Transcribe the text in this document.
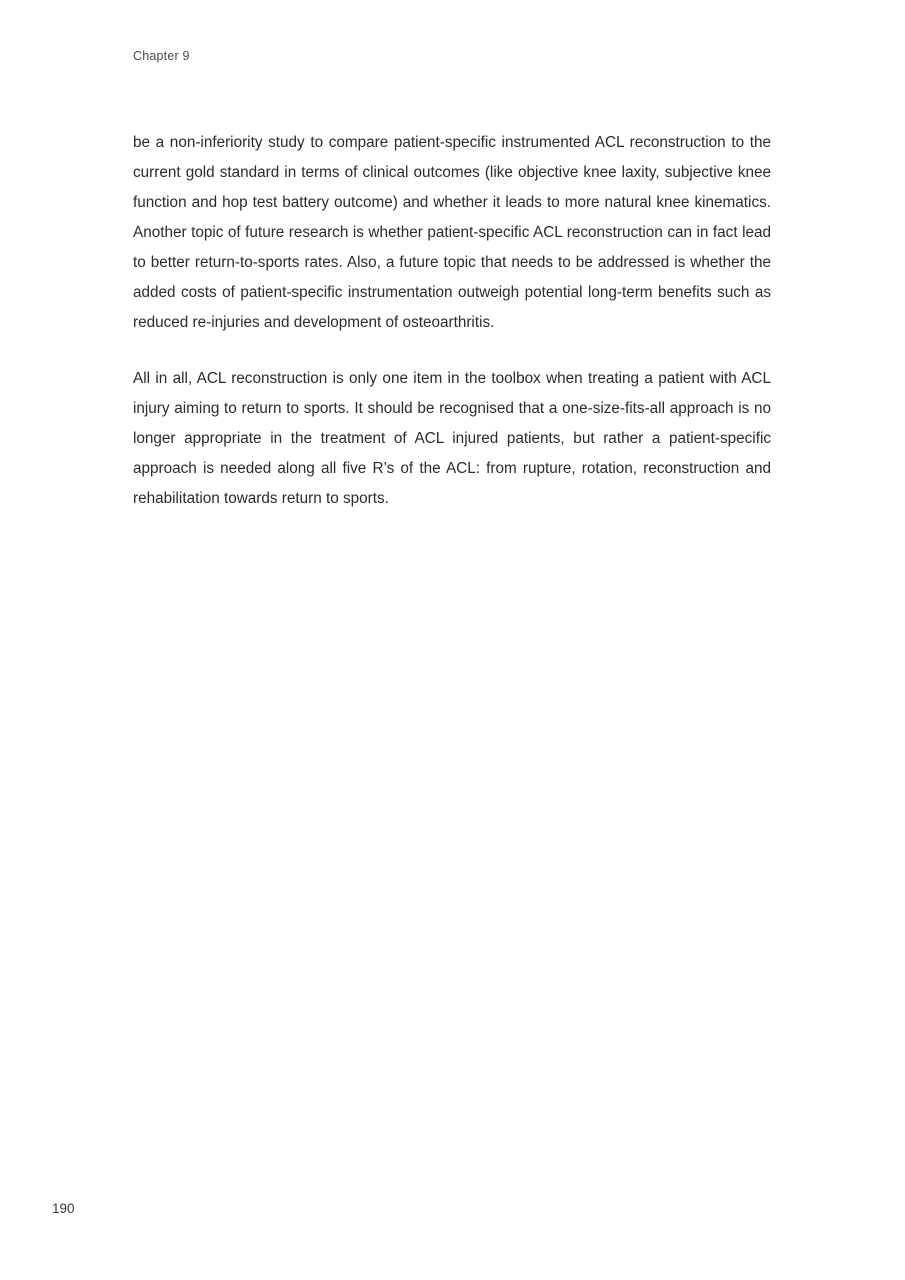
Chapter 9

be a non-inferiority study to compare patient-specific instrumented ACL reconstruction to the current gold standard in terms of clinical outcomes (like objective knee laxity, subjective knee function and hop test battery outcome) and whether it leads to more natural knee kinematics. Another topic of future research is whether patient-specific ACL reconstruction can in fact lead to better return-to-sports rates. Also, a future topic that needs to be addressed is whether the added costs of patient-specific instrumentation outweigh potential long-term benefits such as reduced re-injuries and development of osteoarthritis.

All in all, ACL reconstruction is only one item in the toolbox when treating a patient with ACL injury aiming to return to sports. It should be recognised that a one-size-fits-all approach is no longer appropriate in the treatment of ACL injured patients, but rather a patient-specific approach is needed along all five R’s of the ACL: from rupture, rotation, reconstruction and rehabilitation towards return to sports.

190
